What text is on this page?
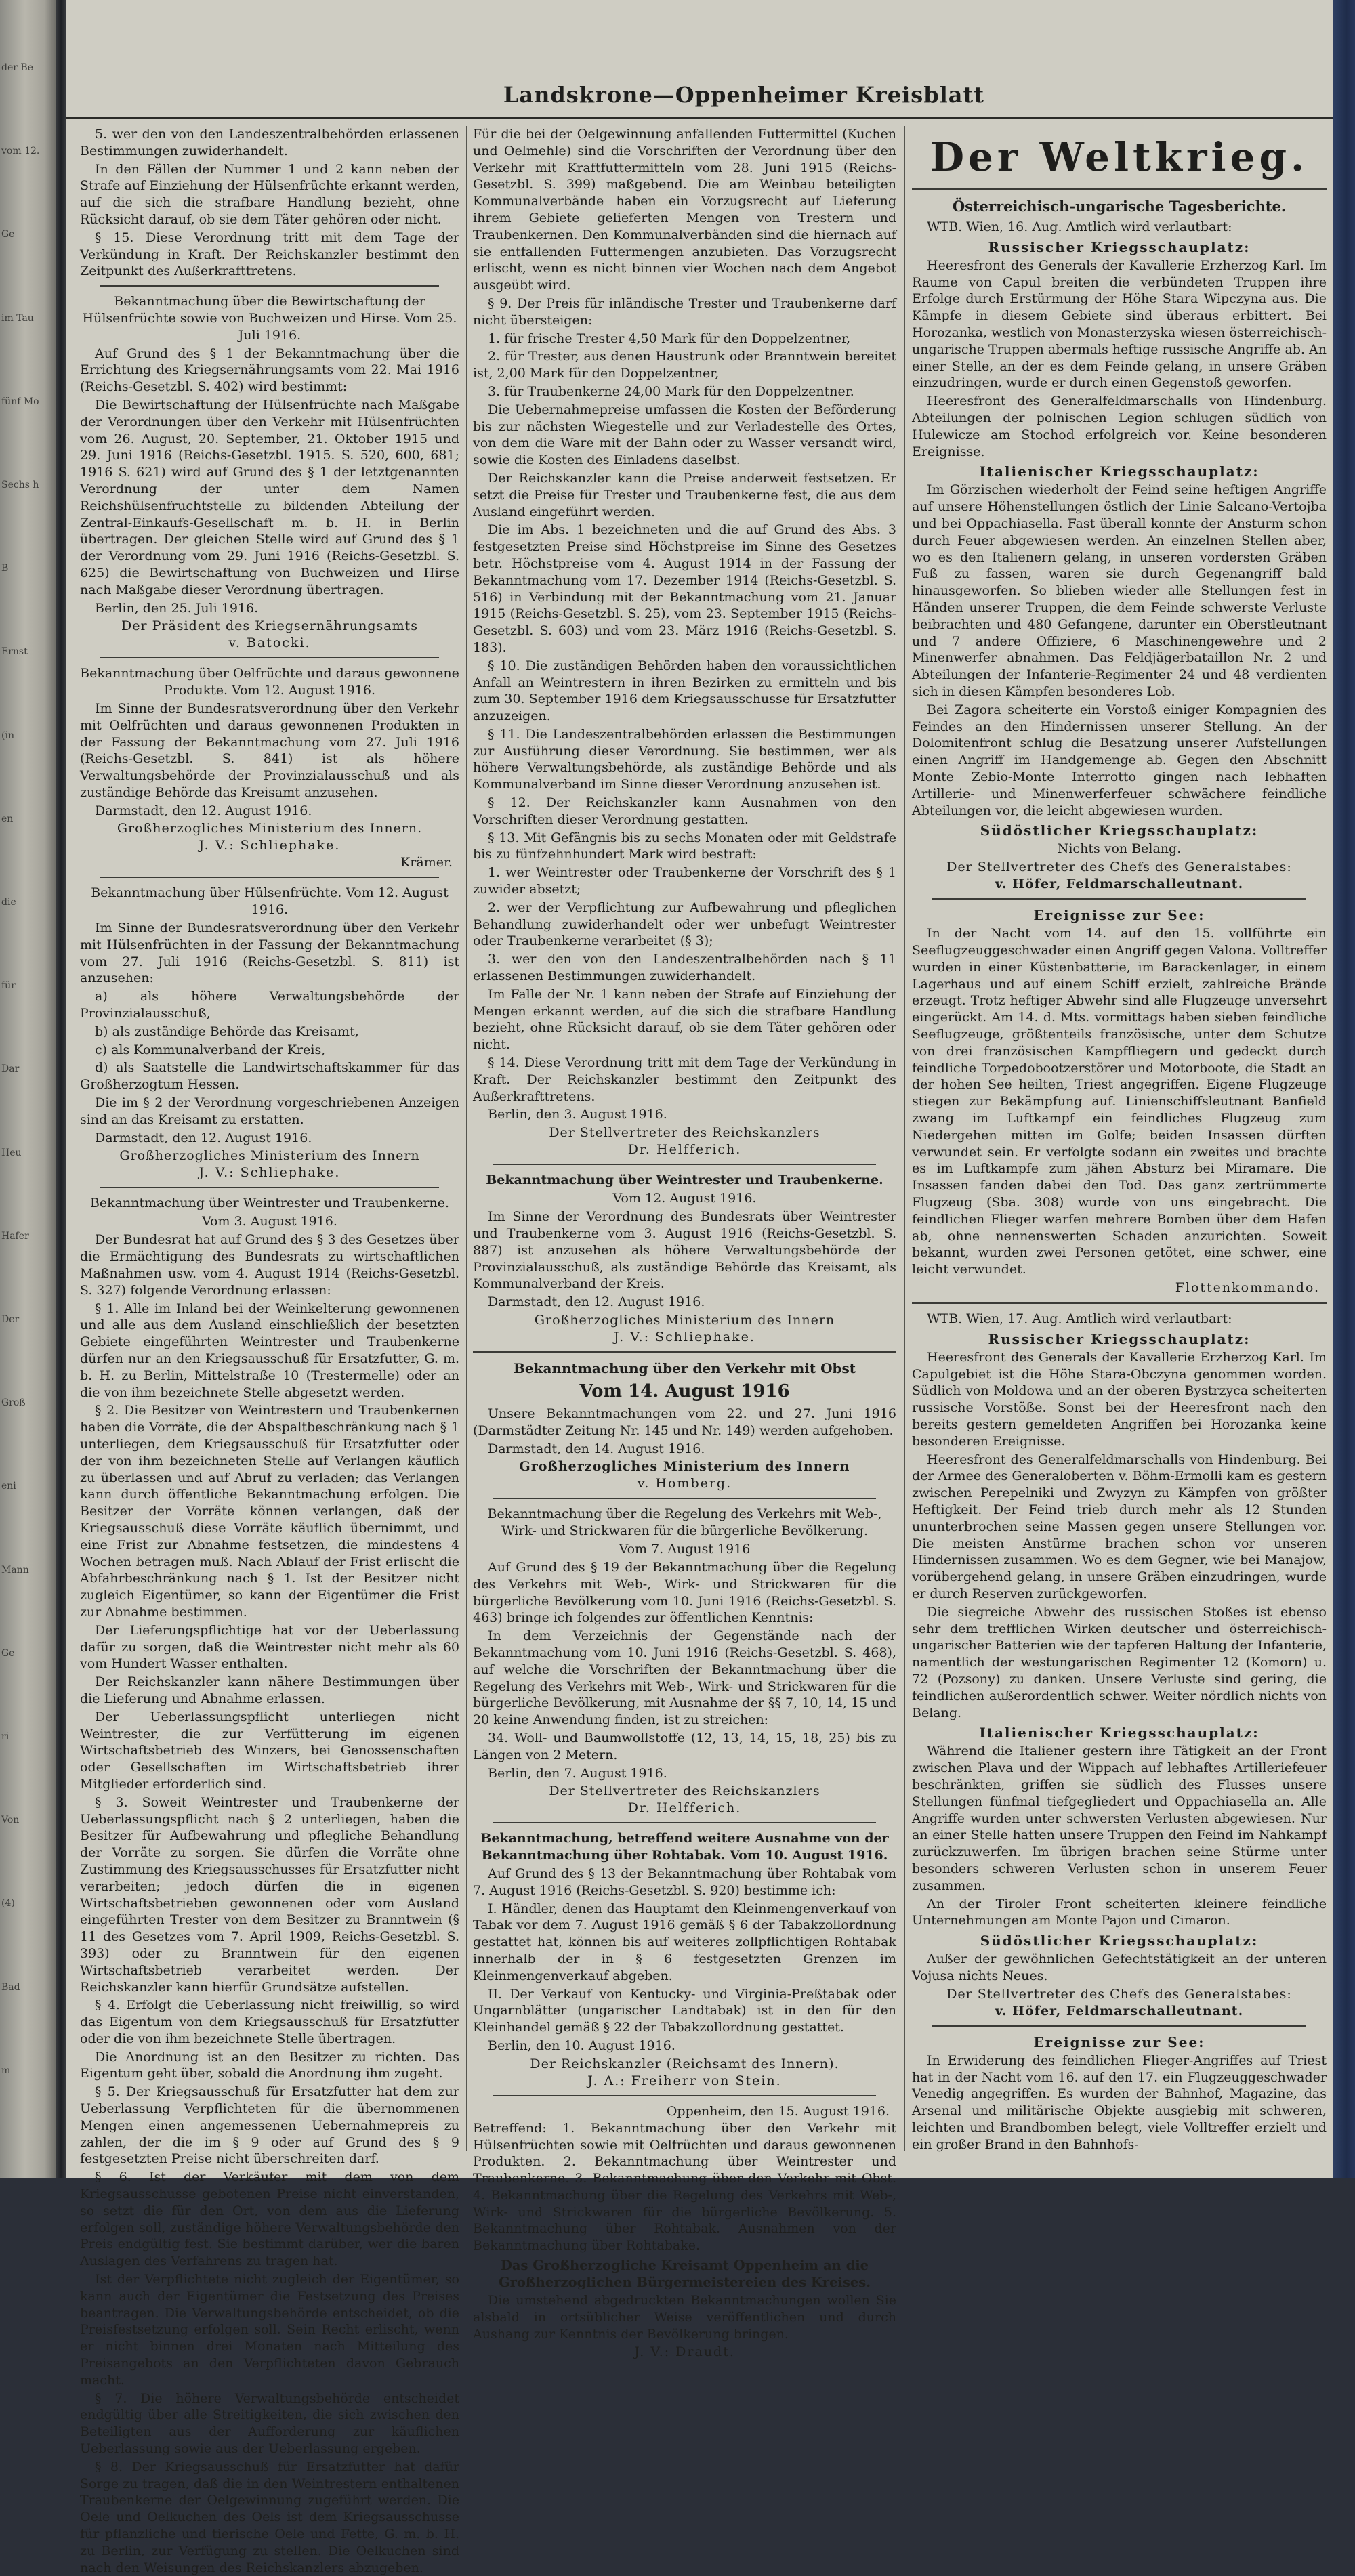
der Be
vom 12.
Ge
im Tau
fünf Mo
Sechs h
B
Ernst
(in
en
die
für
Dar
Heu
Hafer
Der
Groß
eni
Mann
Ge
ri
Von
(4)
Bad
m
Landskrone—Oppenheimer Kreisblatt

5. wer den von den Landeszentralbehörden erlassenen Bestimmungen zuwiderhandelt.

In den Fällen der Nummer 1 und 2 kann neben der Strafe auf Einziehung der Hülsenfrüchte erkannt werden, auf die sich die strafbare Handlung bezieht, ohne Rücksicht darauf, ob sie dem Täter gehören oder nicht.

§ 15. Diese Verordnung tritt mit dem Tage der Verkündung in Kraft. Der Reichskanzler bestimmt den Zeitpunkt des Außerkrafttretens.

Bekanntmachung über die Bewirtschaftung der Hülsenfrüchte sowie von Buchweizen und Hirse. Vom 25. Juli 1916.

Auf Grund des § 1 der Bekanntmachung über die Errichtung des Kriegsernährungsamts vom 22. Mai 1916 (Reichs-Gesetzbl. S. 402) wird bestimmt:

Die Bewirtschaftung der Hülsenfrüchte nach Maßgabe der Verordnungen über den Verkehr mit Hülsenfrüchten vom 26. August, 20. September, 21. Oktober 1915 und 29. Juni 1916 (Reichs-Gesetzbl. 1915. S. 520, 600, 681; 1916 S. 621) wird auf Grund des § 1 der letztgenannten Verordnung der unter dem Namen Reichshülsenfruchtstelle zu bildenden Abteilung der Zentral-Einkaufs-Gesellschaft m. b. H. in Berlin übertragen. Der gleichen Stelle wird auf Grund des § 1 der Verordnung vom 29. Juni 1916 (Reichs-Gesetzbl. S. 625) die Bewirtschaftung von Buchweizen und Hirse nach Maßgabe dieser Verordnung übertragen.

Berlin, den 25. Juli 1916.

Der Präsident des Kriegsernährungsamts

v. Batocki.

Bekanntmachung über Oelfrüchte und daraus gewonnene Produkte. Vom 12. August 1916.

Im Sinne der Bundesratsverordnung über den Verkehr mit Oelfrüchten und daraus gewonnenen Produkten in der Fassung der Bekanntmachung vom 27. Juli 1916 (Reichs-Gesetzbl. S. 841) ist als höhere Verwaltungsbehörde der Provinzialausschuß und als zuständige Behörde das Kreisamt anzusehen.

Darmstadt, den 12. August 1916.

Großherzogliches Ministerium des Innern.

J. V.: Schliephake.

Krämer.

Bekanntmachung über Hülsenfrüchte. Vom 12. August 1916.

Im Sinne der Bundesratsverordnung über den Verkehr mit Hülsenfrüchten in der Fassung der Bekanntmachung vom 27. Juli 1916 (Reichs-Gesetzbl. S. 811) ist anzusehen:

a) als höhere Verwaltungsbehörde der Provinzialausschuß,

b) als zuständige Behörde das Kreisamt,

c) als Kommunalverband der Kreis,

d) als Saatstelle die Landwirtschaftskammer für das Großherzogtum Hessen.

Die im § 2 der Verordnung vorgeschriebenen Anzeigen sind an das Kreisamt zu erstatten.

Darmstadt, den 12. August 1916.

Großherzogliches Ministerium des Innern

J. V.: Schliephake.

Bekanntmachung über Weintrester und Traubenkerne.

Vom 3. August 1916.

Der Bundesrat hat auf Grund des § 3 des Gesetzes über die Ermächtigung des Bundesrats zu wirtschaftlichen Maßnahmen usw. vom 4. August 1914 (Reichs-Gesetzbl. S. 327) folgende Verordnung erlassen:

§ 1. Alle im Inland bei der Weinkelterung gewonnenen und alle aus dem Ausland einschließlich der besetzten Gebiete eingeführten Weintrester und Traubenkerne dürfen nur an den Kriegsausschuß für Ersatzfutter, G. m. b. H. zu Berlin, Mittelstraße 10 (Trestermelle) oder an die von ihm bezeichnete Stelle abgesetzt werden.

§ 2. Die Besitzer von Weintrestern und Traubenkernen haben die Vorräte, die der Abspaltbeschränkung nach § 1 unterliegen, dem Kriegsausschuß für Ersatzfutter oder der von ihm bezeichneten Stelle auf Verlangen käuflich zu überlassen und auf Abruf zu verladen; das Verlangen kann durch öffentliche Bekanntmachung erfolgen. Die Besitzer der Vorräte können verlangen, daß der Kriegsausschuß diese Vorräte käuflich übernimmt, und eine Frist zur Abnahme festsetzen, die mindestens 4 Wochen betragen muß. Nach Ablauf der Frist erlischt die Abfahrbeschränkung nach § 1. Ist der Besitzer nicht zugleich Eigentümer, so kann der Eigentümer die Frist zur Abnahme bestimmen.

Der Lieferungspflichtige hat vor der Ueberlassung dafür zu sorgen, daß die Weintrester nicht mehr als 60 vom Hundert Wasser enthalten.

Der Reichskanzler kann nähere Bestimmungen über die Lieferung und Abnahme erlassen.

Der Ueberlassungspflicht unterliegen nicht Weintrester, die zur Verfütterung im eigenen Wirtschaftsbetrieb des Winzers, bei Genossenschaften oder Gesellschaften im Wirtschaftsbetrieb ihrer Mitglieder erforderlich sind.

§ 3. Soweit Weintrester und Traubenkerne der Ueberlassungspflicht nach § 2 unterliegen, haben die Besitzer für Aufbewahrung und pflegliche Behandlung der Vorräte zu sorgen. Sie dürfen die Vorräte ohne Zustimmung des Kriegsausschusses für Ersatzfutter nicht verarbeiten; jedoch dürfen die in eigenen Wirtschaftsbetrieben gewonnenen oder vom Ausland eingeführten Trester von dem Besitzer zu Branntwein (§ 11 des Gesetzes vom 7. April 1909, Reichs-Gesetzbl. S. 393) oder zu Branntwein für den eigenen Wirtschaftsbetrieb verarbeitet werden. Der Reichskanzler kann hierfür Grundsätze aufstellen.

§ 4. Erfolgt die Ueberlassung nicht freiwillig, so wird das Eigentum von dem Kriegsausschuß für Ersatzfutter oder die von ihm bezeichnete Stelle übertragen.

Die Anordnung ist an den Besitzer zu richten. Das Eigentum geht über, sobald die Anordnung ihm zugeht.

§ 5. Der Kriegsausschuß für Ersatzfutter hat dem zur Ueberlassung Verpflichteten für die übernommenen Mengen einen angemessenen Uebernahmepreis zu zahlen, der die im § 9 oder auf Grund des § 9 festgesetzten Preise nicht überschreiten darf.

§ 6. Ist der Verkäufer mit dem von dem Kriegsausschusse gebotenen Preise nicht einverstanden, so setzt die für den Ort, von dem aus die Lieferung erfolgen soll, zuständige höhere Verwaltungsbehörde den Preis endgültig fest. Sie bestimmt darüber, wer die baren Auslagen des Verfahrens zu tragen hat.

Ist der Verpflichtete nicht zugleich der Eigentümer, so kann auch der Eigentümer die Festsetzung des Preises beantragen. Die Verwaltungsbehörde entscheidet, ob die Preisfestsetzung erfolgen soll. Sein Recht erlischt, wenn er nicht binnen drei Monaten nach Mitteilung des Preisangebots an den Verpflichteten davon Gebrauch macht.

§ 7. Die höhere Verwaltungsbehörde entscheidet endgültig über alle Streitigkeiten, die sich zwischen den Beteiligten aus der Aufforderung zur käuflichen Ueberlassung sowie aus der Ueberlassung ergeben.

§ 8. Der Kriegsausschuß für Ersatzfutter hat dafür Sorge zu tragen, daß die in den Weintrestern enthaltenen Traubenkerne der Oelgewinnung zugeführt werden. Die Oele und Oelkuchen des Oels ist dem Kriegsausschusse für pflanzliche und tierische Oele und Fette, G. m. b. H. zu Berlin, zur Verfügung zu stellen. Die Oelkuchen sind nach den Weisungen des Reichskanzlers abzugeben.

Für die bei der Oelgewinnung anfallenden Futtermittel (Kuchen und Oelmehle) sind die Vorschriften der Verordnung über den Verkehr mit Kraftfuttermitteln vom 28. Juni 1915 (Reichs-Gesetzbl. S. 399) maßgebend. Die am Weinbau beteiligten Kommunalverbände haben ein Vorzugsrecht auf Lieferung ihrem Gebiete gelieferten Mengen von Trestern und Traubenkernen. Den Kommunalverbänden sind die hiernach auf sie entfallenden Futtermengen anzubieten. Das Vorzugsrecht erlischt, wenn es nicht binnen vier Wochen nach dem Angebot ausgeübt wird.

§ 9. Der Preis für inländische Trester und Traubenkerne darf nicht übersteigen:

1. für frische Trester 4,50 Mark für den Doppelzentner,

2. für Trester, aus denen Haustrunk oder Branntwein bereitet ist, 2,00 Mark für den Doppelzentner,

3. für Traubenkerne 24,00 Mark für den Doppelzentner.

Die Uebernahmepreise umfassen die Kosten der Beförderung bis zur nächsten Wiegestelle und zur Verladestelle des Ortes, von dem die Ware mit der Bahn oder zu Wasser versandt wird, sowie die Kosten des Einladens daselbst.

Der Reichskanzler kann die Preise anderweit festsetzen. Er setzt die Preise für Trester und Traubenkerne fest, die aus dem Ausland eingeführt werden.

Die im Abs. 1 bezeichneten und die auf Grund des Abs. 3 festgesetzten Preise sind Höchstpreise im Sinne des Gesetzes betr. Höchstpreise vom 4. August 1914 in der Fassung der Bekanntmachung vom 17. Dezember 1914 (Reichs-Gesetzbl. S. 516) in Verbindung mit der Bekanntmachung vom 21. Januar 1915 (Reichs-Gesetzbl. S. 25), vom 23. September 1915 (Reichs-Gesetzbl. S. 603) und vom 23. März 1916 (Reichs-Gesetzbl. S. 183).

§ 10. Die zuständigen Behörden haben den voraussichtlichen Anfall an Weintrestern in ihren Bezirken zu ermitteln und bis zum 30. September 1916 dem Kriegsausschusse für Ersatzfutter anzuzeigen.

§ 11. Die Landeszentralbehörden erlassen die Bestimmungen zur Ausführung dieser Verordnung. Sie bestimmen, wer als höhere Verwaltungsbehörde, als zuständige Behörde und als Kommunalverband im Sinne dieser Verordnung anzusehen ist.

§ 12. Der Reichskanzler kann Ausnahmen von den Vorschriften dieser Verordnung gestatten.

§ 13. Mit Gefängnis bis zu sechs Monaten oder mit Geldstrafe bis zu fünfzehnhundert Mark wird bestraft:

1. wer Weintrester oder Traubenkerne der Vorschrift des § 1 zuwider absetzt;

2. wer der Verpflichtung zur Aufbewahrung und pfleglichen Behandlung zuwiderhandelt oder wer unbefugt Weintrester oder Traubenkerne verarbeitet (§ 3);

3. wer den von den Landeszentralbehörden nach § 11 erlassenen Bestimmungen zuwiderhandelt.

Im Falle der Nr. 1 kann neben der Strafe auf Einziehung der Mengen erkannt werden, auf die sich die strafbare Handlung bezieht, ohne Rücksicht darauf, ob sie dem Täter gehören oder nicht.

§ 14. Diese Verordnung tritt mit dem Tage der Verkündung in Kraft. Der Reichskanzler bestimmt den Zeitpunkt des Außerkrafttretens.

Berlin, den 3. August 1916.

Der Stellvertreter des Reichskanzlers

Dr. Helfferich.

Bekanntmachung über Weintrester und Traubenkerne.

Vom 12. August 1916.

Im Sinne der Verordnung des Bundesrats über Weintrester und Traubenkerne vom 3. August 1916 (Reichs-Gesetzbl. S. 887) ist anzusehen als höhere Verwaltungsbehörde der Provinzialausschuß, als zuständige Behörde das Kreisamt, als Kommunalverband der Kreis.

Darmstadt, den 12. August 1916.

Großherzogliches Ministerium des Innern

J. V.: Schliephake.

Bekanntmachung über den Verkehr mit Obst

Vom 14. August 1916

Unsere Bekanntmachungen vom 22. und 27. Juni 1916 (Darmstädter Zeitung Nr. 145 und Nr. 149) werden aufgehoben.

Darmstadt, den 14. August 1916.

Großherzogliches Ministerium des Innern

v. Homberg.

Bekanntmachung über die Regelung des Verkehrs mit Web-, Wirk- und Strickwaren für die bürgerliche Bevölkerung.

Vom 7. August 1916

Auf Grund des § 19 der Bekanntmachung über die Regelung des Verkehrs mit Web-, Wirk- und Strickwaren für die bürgerliche Bevölkerung vom 10. Juni 1916 (Reichs-Gesetzbl. S. 463) bringe ich folgendes zur öffentlichen Kenntnis:

In dem Verzeichnis der Gegenstände nach der Bekanntmachung vom 10. Juni 1916 (Reichs-Gesetzbl. S. 468), auf welche die Vorschriften der Bekanntmachung über die Regelung des Verkehrs mit Web-, Wirk- und Strickwaren für die bürgerliche Bevölkerung, mit Ausnahme der §§ 7, 10, 14, 15 und 20 keine Anwendung finden, ist zu streichen:

34. Woll- und Baumwollstoffe (12, 13, 14, 15, 18, 25) bis zu Längen von 2 Metern.

Berlin, den 7. August 1916.

Der Stellvertreter des Reichskanzlers

Dr. Helfferich.

Bekanntmachung, betreffend weitere Ausnahme von der Bekanntmachung über Rohtabak. Vom 10. August 1916.

Auf Grund des § 13 der Bekanntmachung über Rohtabak vom 7. August 1916 (Reichs-Gesetzbl. S. 920) bestimme ich:

I. Händler, denen das Hauptamt den Kleinmengenverkauf von Tabak vor dem 7. August 1916 gemäß § 6 der Tabakzollordnung gestattet hat, können bis auf weiteres zollpflichtigen Rohtabak innerhalb der in § 6 festgesetzten Grenzen im Kleinmengenverkauf abgeben.

II. Der Verkauf von Kentucky- und Virginia-Preßtabak oder Ungarnblätter (ungarischer Landtabak) ist in den für den Kleinhandel gemäß § 22 der Tabakzollordnung gestattet.

Berlin, den 10. August 1916.

Der Reichskanzler (Reichsamt des Innern).

J. A.: Freiherr von Stein.

Oppenheim, den 15. August 1916.

Betreffend: 1. Bekanntmachung über den Verkehr mit Hülsenfrüchten sowie mit Oelfrüchten und daraus gewonnenen Produkten. 2. Bekanntmachung über Weintrester und Traubenkerne. 3. Bekanntmachung über den Verkehr mit Obst. 4. Bekanntmachung über die Regelung des Verkehrs mit Web-, Wirk- und Strickwaren für die bürgerliche Bevölkerung. 5. Bekanntmachung über Rohtabak. Ausnahmen von der Bekanntmachung über Rohtabake.

Das Großherzogliche Kreisamt Oppenheim an die Großherzoglichen Bürgermeistereien des Kreises.

Die umstehend abgedruckten Bekanntmachungen wollen Sie alsbald in ortsüblicher Weise veröffentlichen und durch Aushang zur Kenntnis der Bevölkerung bringen.

J. V.: Draudt.

Der Weltkrieg.

Österreichisch-ungarische Tagesberichte.

WTB. Wien, 16. Aug. Amtlich wird verlautbart:

Russischer Kriegsschauplatz:

Heeresfront des Generals der Kavallerie Erzherzog Karl. Im Raume von Capul breiten die verbündeten Truppen ihre Erfolge durch Erstürmung der Höhe Stara Wipczyna aus. Die Kämpfe in diesem Gebiete sind überaus erbittert. Bei Horozanka, westlich von Monasterzyska wiesen österreichisch-ungarische Truppen abermals heftige russische Angriffe ab. An einer Stelle, an der es dem Feinde gelang, in unsere Gräben einzudringen, wurde er durch einen Gegenstoß geworfen.

Heeresfront des Generalfeldmarschalls von Hindenburg. Abteilungen der polnischen Legion schlugen südlich von Hulewicze am Stochod erfolgreich vor. Keine besonderen Ereignisse.

Italienischer Kriegsschauplatz:

Im Görzischen wiederholt der Feind seine heftigen Angriffe auf unsere Höhenstellungen östlich der Linie Salcano-Vertojba und bei Oppachiasella. Fast überall konnte der Ansturm schon durch Feuer abgewiesen werden. An einzelnen Stellen aber, wo es den Italienern gelang, in unseren vordersten Gräben Fuß zu fassen, waren sie durch Gegenangriff bald hinausgeworfen. So blieben wieder alle Stellungen fest in Händen unserer Truppen, die dem Feinde schwerste Verluste beibrachten und 480 Gefangene, darunter ein Oberstleutnant und 7 andere Offiziere, 6 Maschinengewehre und 2 Minenwerfer abnahmen. Das Feldjägerbataillon Nr. 2 und Abteilungen der Infanterie-Regimenter 24 und 48 verdienten sich in diesen Kämpfen besonderes Lob.

Bei Zagora scheiterte ein Vorstoß einiger Kompagnien des Feindes an den Hindernissen unserer Stellung. An der Dolomitenfront schlug die Besatzung unserer Aufstellungen einen Angriff im Handgemenge ab. Gegen den Abschnitt Monte Zebio-Monte Interrotto gingen nach lebhaften Artillerie- und Minenwerferfeuer schwächere feindliche Abteilungen vor, die leicht abgewiesen wurden.

Südöstlicher Kriegsschauplatz:

Nichts von Belang.

Der Stellvertreter des Chefs des Generalstabes:

v. Höfer, Feldmarschalleutnant.

Ereignisse zur See:

In der Nacht vom 14. auf den 15. vollführte ein Seeflugzeuggeschwader einen Angriff gegen Valona. Volltreffer wurden in einer Küstenbatterie, im Barackenlager, in einem Lagerhaus und auf einem Schiff erzielt, zahlreiche Brände erzeugt. Trotz heftiger Abwehr sind alle Flugzeuge unversehrt eingerückt. Am 14. d. Mts. vormittags haben sieben feindliche Seeflugzeuge, größtenteils französische, unter dem Schutze von drei französischen Kampffliegern und gedeckt durch feindliche Torpedobootzerstörer und Motorboote, die Stadt an der hohen See heilten, Triest angegriffen. Eigene Flugzeuge stiegen zur Bekämpfung auf. Linienschiffsleutnant Banfield zwang im Luftkampf ein feindliches Flugzeug zum Niedergehen mitten im Golfe; beiden Insassen dürften verwundet sein. Er verfolgte sodann ein zweites und brachte es im Luftkampfe zum jähen Absturz bei Miramare. Die Insassen fanden dabei den Tod. Das ganz zertrümmerte Flugzeug (Sba. 308) wurde von uns eingebracht. Die feindlichen Flieger warfen mehrere Bomben über dem Hafen ab, ohne nennenswerten Schaden anzurichten. Soweit bekannt, wurden zwei Personen getötet, eine schwer, eine leicht verwundet.

Flottenkommando.

WTB. Wien, 17. Aug. Amtlich wird verlautbart:

Russischer Kriegsschauplatz:

Heeresfront des Generals der Kavallerie Erzherzog Karl. Im Capulgebiet ist die Höhe Stara-Obczyna genommen worden. Südlich von Moldowa und an der oberen Bystrzyca scheiterten russische Vorstöße. Sonst bei der Heeresfront nach den bereits gestern gemeldeten Angriffen bei Horozanka keine besonderen Ereignisse.

Heeresfront des Generalfeldmarschalls von Hindenburg. Bei der Armee des Generaloberten v. Böhm-Ermolli kam es gestern zwischen Perepelniki und Zwyzyn zu Kämpfen von größter Heftigkeit. Der Feind trieb durch mehr als 12 Stunden ununterbrochen seine Massen gegen unsere Stellungen vor. Die meisten Anstürme brachen schon vor unseren Hindernissen zusammen. Wo es dem Gegner, wie bei Manajow, vorübergehend gelang, in unsere Gräben einzudringen, wurde er durch Reserven zurückgeworfen.

Die siegreiche Abwehr des russischen Stoßes ist ebenso sehr dem trefflichen Wirken deutscher und österreichisch-ungarischer Batterien wie der tapferen Haltung der Infanterie, namentlich der westungarischen Regimenter 12 (Komorn) u. 72 (Pozsony) zu danken. Unsere Verluste sind gering, die feindlichen außerordentlich schwer. Weiter nördlich nichts von Belang.

Italienischer Kriegsschauplatz:

Während die Italiener gestern ihre Tätigkeit an der Front zwischen Plava und der Wippach auf lebhaftes Artilleriefeuer beschränkten, griffen sie südlich des Flusses unsere Stellungen fünfmal tiefgegliedert und Oppachiasella an. Alle Angriffe wurden unter schwersten Verlusten abgewiesen. Nur an einer Stelle hatten unsere Truppen den Feind im Nahkampf zurückzuwerfen. Im übrigen brachen seine Stürme unter besonders schweren Verlusten schon in unserem Feuer zusammen.

An der Tiroler Front scheiterten kleinere feindliche Unternehmungen am Monte Pajon und Cimaron.

Südöstlicher Kriegsschauplatz:

Außer der gewöhnlichen Gefechtstätigkeit an der unteren Vojusa nichts Neues.

Der Stellvertreter des Chefs des Generalstabes:

v. Höfer, Feldmarschalleutnant.

Ereignisse zur See:

In Erwiderung des feindlichen Flieger-Angriffes auf Triest hat in der Nacht vom 16. auf den 17. ein Flugzeuggeschwader Venedig angegriffen. Es wurden der Bahnhof, Magazine, das Arsenal und militärische Objekte ausgiebig mit schweren, leichten und Brandbomben belegt, viele Volltreffer erzielt und ein großer Brand in den Bahnhofs-
